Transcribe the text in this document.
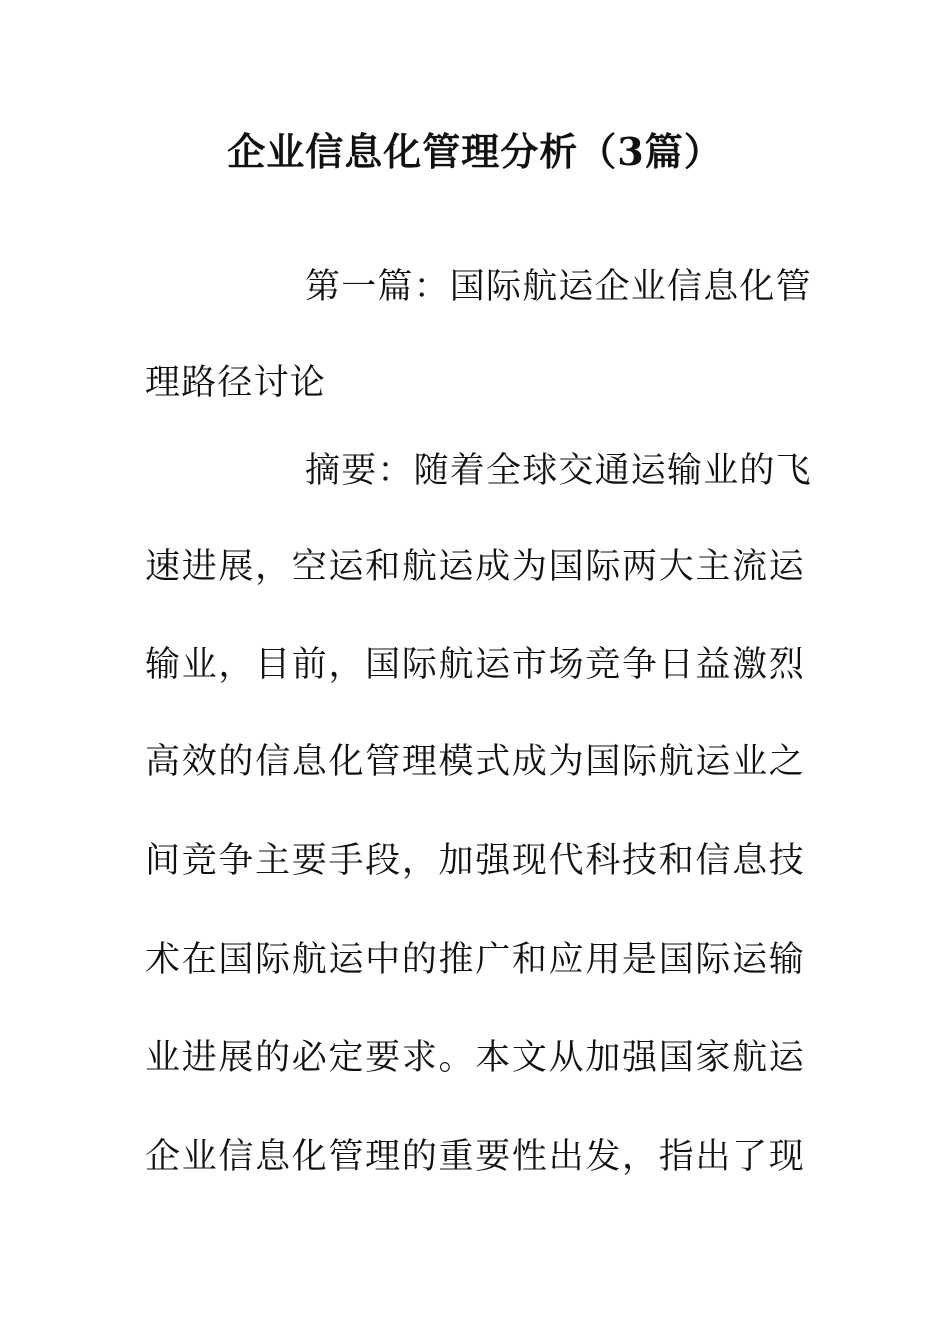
企业信息化管理分析（3篇）
第一篇：国际航运企业信息化管
理路径讨论
摘要：随着全球交通运输业的飞
速进展，空运和航运成为国际两大主流运
输业，目前，国际航运市场竞争日益激烈
高效的信息化管理模式成为国际航运业之
间竞争主要手段，加强现代科技和信息技
术在国际航运中的推广和应用是国际运输
业进展的必定要求。本文从加强国家航运
企业信息化管理的重要性出发，指出了现
